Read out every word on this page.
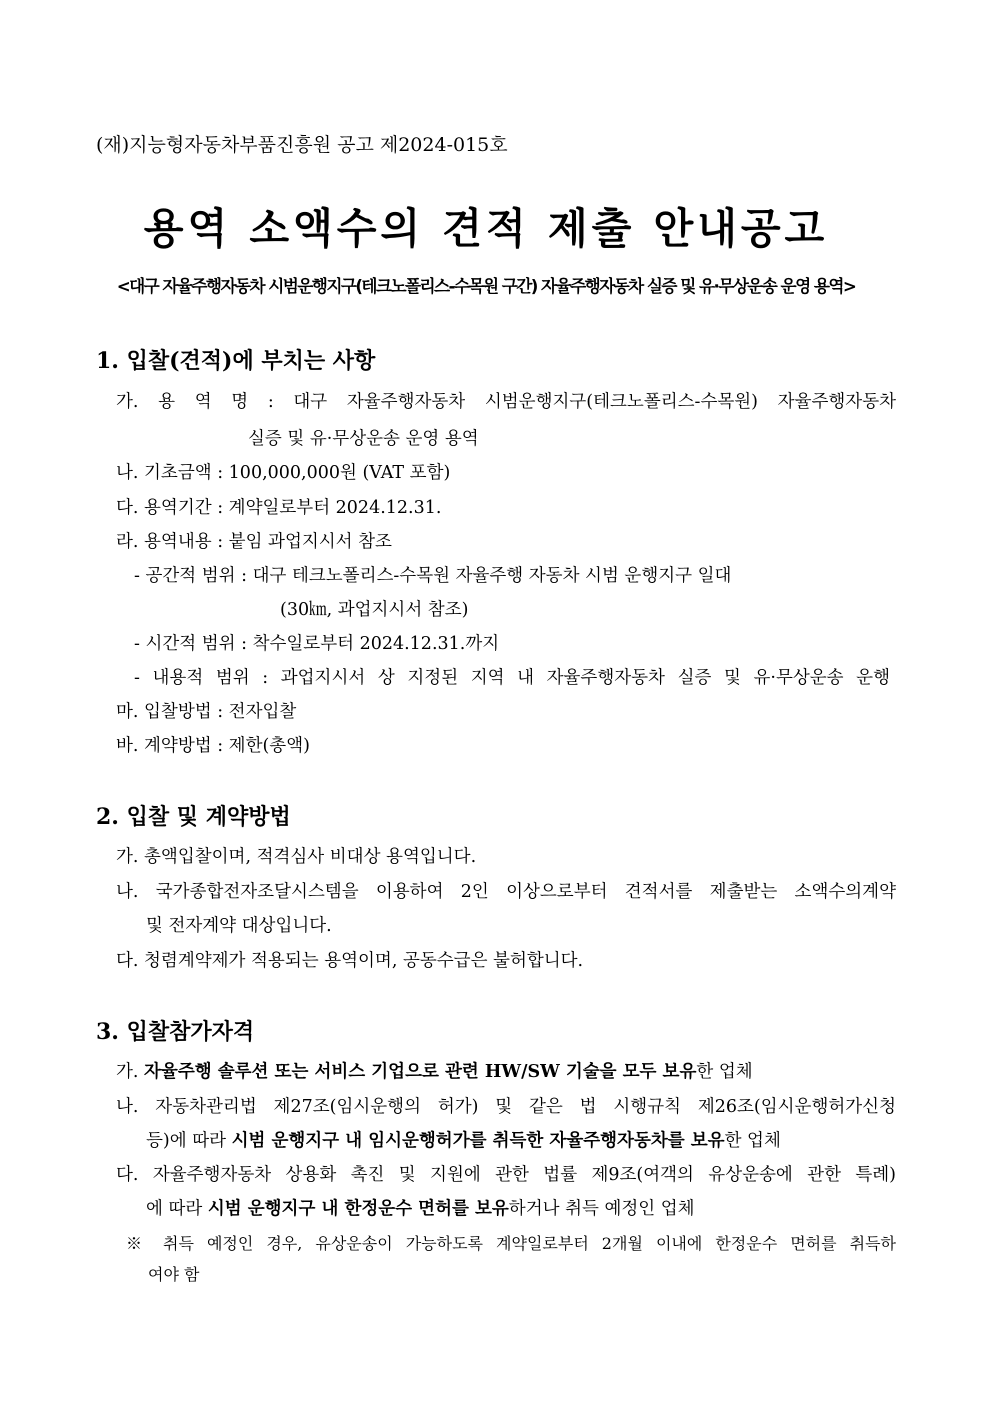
(재)지능형자동차부품진흥원 공고 제2024-015호
용역 소액수의 견적 제출 안내공고
<대구 자율주행자동차 시범운행지구(테크노폴리스-수목원 구간) 자율주행자동차 실증 및 유·무상운송 운영 용역>
1. 입찰(견적)에 부치는 사항
가. 용 역 명 : 대구 자율주행자동차 시범운행지구(테크노폴리스-수목원) 자율주행자동차
실증 및 유·무상운송 운영 용역
나. 기초금액 : 100,000,000원 (VAT 포함)
다. 용역기간 : 계약일로부터 2024.12.31.
라. 용역내용 : 붙임 과업지시서 참조
- 공간적 범위 : 대구 테크노폴리스-수목원 자율주행 자동차 시범 운행지구 일대
(30㎞, 과업지시서 참조)
- 시간적 범위 : 착수일로부터 2024.12.31.까지
- 내용적 범위 : 과업지시서 상 지정된 지역 내 자율주행자동차 실증 및 유·무상운송 운행
마. 입찰방법 : 전자입찰
바. 계약방법 : 제한(총액)
2. 입찰 및 계약방법
가. 총액입찰이며, 적격심사 비대상 용역입니다.
나. 국가종합전자조달시스템을 이용하여 2인 이상으로부터 견적서를 제출받는 소액수의계약
및 전자계약 대상입니다.
다. 청렴계약제가 적용되는 용역이며, 공동수급은 불허합니다.
3. 입찰참가자격
가. 자율주행 솔루션 또는 서비스 기업으로 관련 HW/SW 기술을 모두 보유한 업체
나. 자동차관리법 제27조(임시운행의 허가) 및 같은 법 시행규칙 제26조(임시운행허가신청
등)에 따라 시범 운행지구 내 임시운행허가를 취득한 자율주행자동차를 보유한 업체
다. 자율주행자동차 상용화 촉진 및 지원에 관한 법률 제9조(여객의 유상운송에 관한 특례)
에 따라 시범 운행지구 내 한정운수 면허를 보유하거나 취득 예정인 업체
※ 취득 예정인 경우, 유상운송이 가능하도록 계약일로부터 2개월 이내에 한정운수 면허를 취득하
여야 함
